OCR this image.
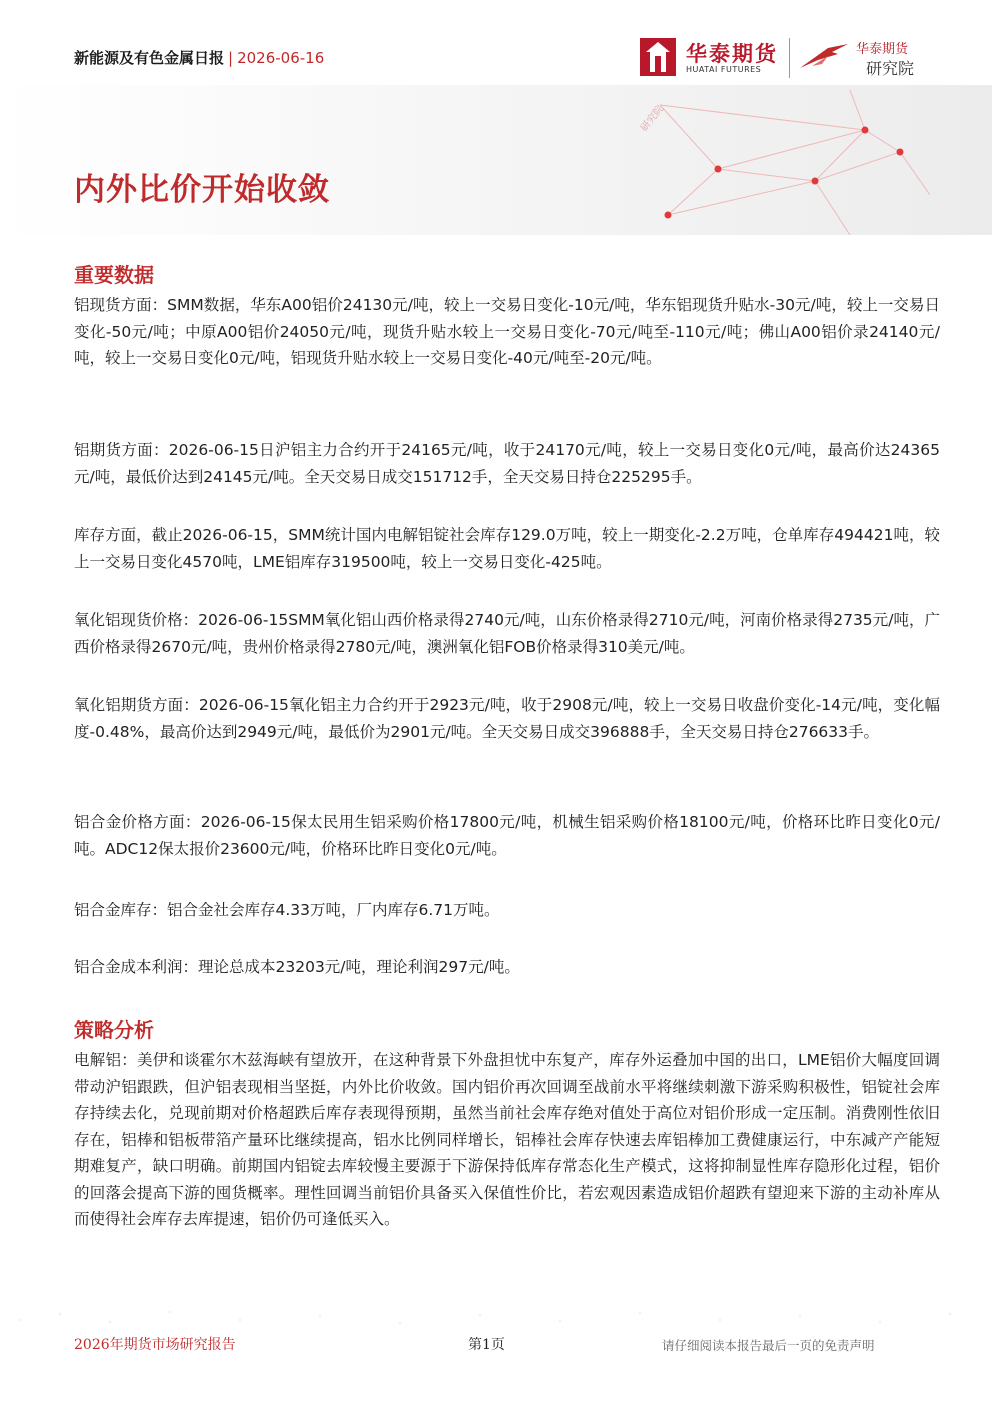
新能源及有色金属日报 | 2026-06-16	华泰期货
HUATAI FUTURES
华泰期货
研究院
研究院
内外比价开始收敛
重要数据
铝现货方面：SMM数据，华东A00铝价24130元/吨，较上一交易日变化-10元/吨，华东铝现货升贴水-30元/吨，较上一交易日变化-50元/吨；中原A00铝价24050元/吨，现货升贴水较上一交易日变化-70元/吨至-110元/吨；佛山A00铝价录24140元/吨，较上一交易日变化0元/吨，铝现货升贴水较上一交易日变化-40元/吨至-20元/吨。
铝期货方面：2026-06-15日沪铝主力合约开于24165元/吨，收于24170元/吨，较上一交易日变化0元/吨，最高价达24365元/吨，最低价达到24145元/吨。全天交易日成交151712手，全天交易日持仓225295手。
库存方面，截止2026-06-15，SMM统计国内电解铝锭社会库存129.0万吨，较上一期变化-2.2万吨，仓单库存494421吨，较上一交易日变化4570吨，LME铝库存319500吨，较上一交易日变化-425吨。
氧化铝现货价格：2026-06-15SMM氧化铝山西价格录得2740元/吨，山东价格录得2710元/吨，河南价格录得2735元/吨，广西价格录得2670元/吨，贵州价格录得2780元/吨，澳洲氧化铝FOB价格录得310美元/吨。
氧化铝期货方面：2026-06-15氧化铝主力合约开于2923元/吨，收于2908元/吨，较上一交易日收盘价变化-14元/吨，变化幅度-0.48%，最高价达到2949元/吨，最低价为2901元/吨。全天交易日成交396888手，全天交易日持仓276633手。
铝合金价格方面：2026-06-15保太民用生铝采购价格17800元/吨，机械生铝采购价格18100元/吨，价格环比昨日变化0元/吨。ADC12保太报价23600元/吨，价格环比昨日变化0元/吨。
铝合金库存：铝合金社会库存4.33万吨，厂内库存6.71万吨。
铝合金成本利润：理论总成本23203元/吨，理论利润297元/吨。
策略分析
电解铝：美伊和谈霍尔木兹海峡有望放开，在这种背景下外盘担忧中东复产，库存外运叠加中国的出口，LME铝价大幅度回调带动沪铝跟跌，但沪铝表现相当坚挺，内外比价收敛。国内铝价再次回调至战前水平将继续刺激下游采购积极性，铝锭社会库存持续去化，兑现前期对价格超跌后库存表现得预期，虽然当前社会库存绝对值处于高位对铝价形成一定压制。消费刚性依旧存在，铝棒和铝板带箔产量环比继续提高，铝水比例同样增长，铝棒社会库存快速去库铝棒加工费健康运行，中东减产产能短期难复产，缺口明确。前期国内铝锭去库较慢主要源于下游保持低库存常态化生产模式，这将抑制显性库存隐形化过程，铝价的回落会提高下游的囤货概率。理性回调当前铝价具备买入保值性价比，若宏观因素造成铝价超跌有望迎来下游的主动补库从而使得社会库存去库提速，铝价仍可逢低买入。
2026年期货市场研究报告	第1页	请仔细阅读本报告最后一页的免责声明
